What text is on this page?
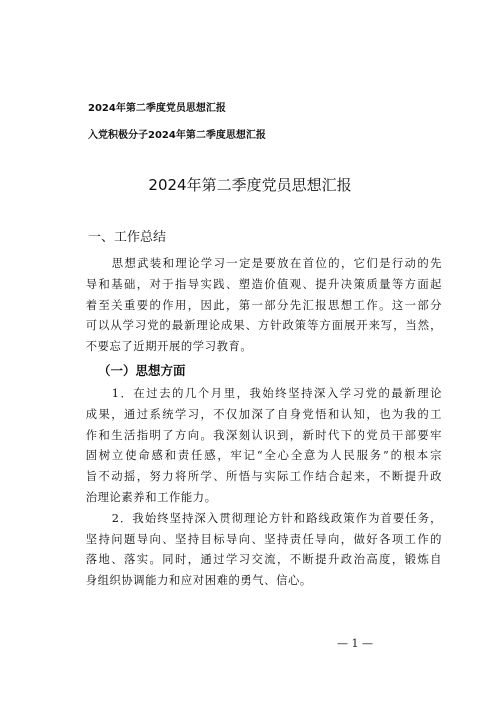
2024年第二季度党员思想汇报
入党积极分子2024年第二季度思想汇报
2024年第二季度党员思想汇报
一、工作总结
思想武装和理论学习一定是要放在首位的，它们是行动的先
导和基础，对于指导实践、塑造价值观、提升决策质量等方面起
着至关重要的作用，因此，第一部分先汇报思想工作。这一部分
可以从学习党的最新理论成果、方针政策等方面展开来写，当然，
不要忘了近期开展的学习教育。
（一）思想方面
1．在过去的几个月里，我始终坚持深入学习党的最新理论
成果，通过系统学习，不仅加深了自身党悟和认知，也为我的工
作和生活指明了方向。我深刻认识到，新时代下的党员干部要牢
固树立使命感和责任感，牢记“全心全意为人民服务”的根本宗
旨不动摇，努力将所学、所悟与实际工作结合起来，不断提升政
治理论素养和工作能力。
2．我始终坚持深入贯彻理论方针和路线政策作为首要任务，
坚持问题导向、坚持目标导向、坚持责任导向，做好各项工作的
落地、落实。同时，通过学习交流，不断提升政治高度，锻炼自
身组织协调能力和应对困难的勇气、信心。
— 1 —
